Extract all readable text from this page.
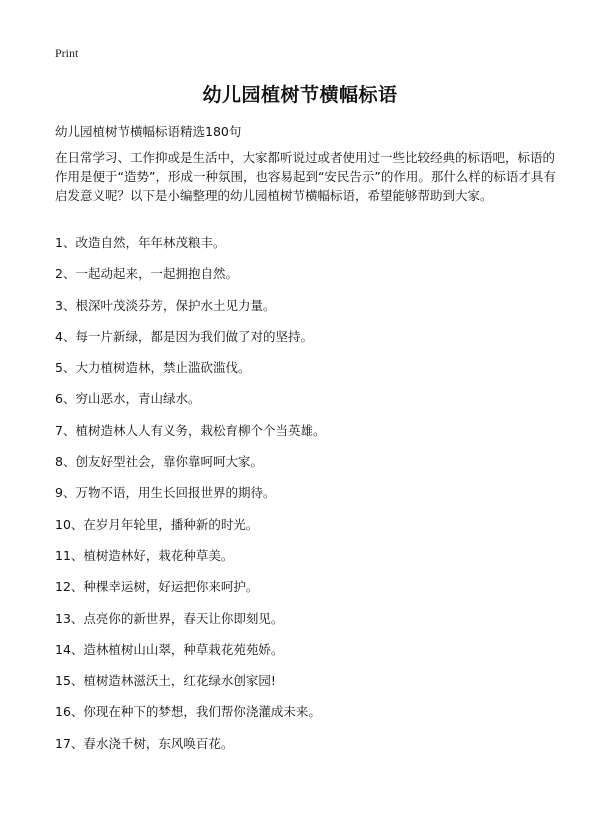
Print
幼儿园植树节横幅标语

幼儿园植树节横幅标语精选180句

在日常学习、工作抑或是生活中，大家都听说过或者使用过一些比较经典的标语吧，标语的作用是便于“造势”，形成一种氛围，也容易起到“安民告示”的作用。那什么样的标语才具有启发意义呢？以下是小编整理的幼儿园植树节横幅标语，希望能够帮助到大家。

1、改造自然，年年林茂粮丰。
2、一起动起来，一起拥抱自然。
3、根深叶茂淡芬芳，保护水土见力量。
4、每一片新绿，都是因为我们做了对的坚持。
5、大力植树造林，禁止滥砍滥伐。
6、穷山恶水，青山绿水。
7、植树造林人人有义务，栽松育柳个个当英雄。
8、创友好型社会，靠你靠呵呵大家。
9、万物不语，用生长回报世界的期待。
10、在岁月年轮里，播种新的时光。
11、植树造林好，栽花种草美。
12、种棵幸运树，好运把你来呵护。
13、点亮你的新世界，春天让你即刻见。
14、造林植树山山翠，种草栽花苑苑娇。
15、植树造林滋沃土，红花绿水创家园!
16、你现在种下的梦想，我们帮你浇灌成未来。
17、春水浇千树，东风唤百花。
